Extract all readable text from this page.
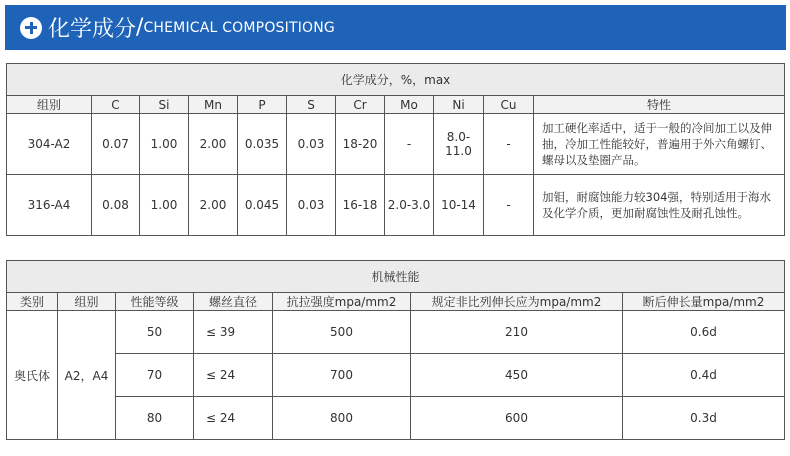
化学成分 / CHEMICAL COMPOSITIONG
化学成分，%，max										
组别	C	Si	Mn	P	S	Cr	Mo	Ni	Cu	特性
304-A2	0.07	1.00	2.00	0.035	0.03	18-20	-	8.0-11.0	-	加工硬化率适中，适于一般的冷间加工以及伸抽，冷加工性能较好，普遍用于外六角螺钉、螺母以及垫圈产品。
316-A4	0.08	1.00	2.00	0.045	0.03	16-18	2.0-3.0	10-14	-	加钼，耐腐蚀能力较304强，特别适用于海水及化学介质，更加耐腐蚀性及耐孔蚀性。
机械性能						
类别	组别	性能等级	螺丝直径	抗拉强度mpa/mm2	规定非比列伸长应为mpa/mm2	断后伸长量mpa/mm2
奥氏体	A2，A4	50	≤ 39	500	210	0.6d
		70	≤ 24	700	450	0.4d
		80	≤ 24	800	600	0.3d
